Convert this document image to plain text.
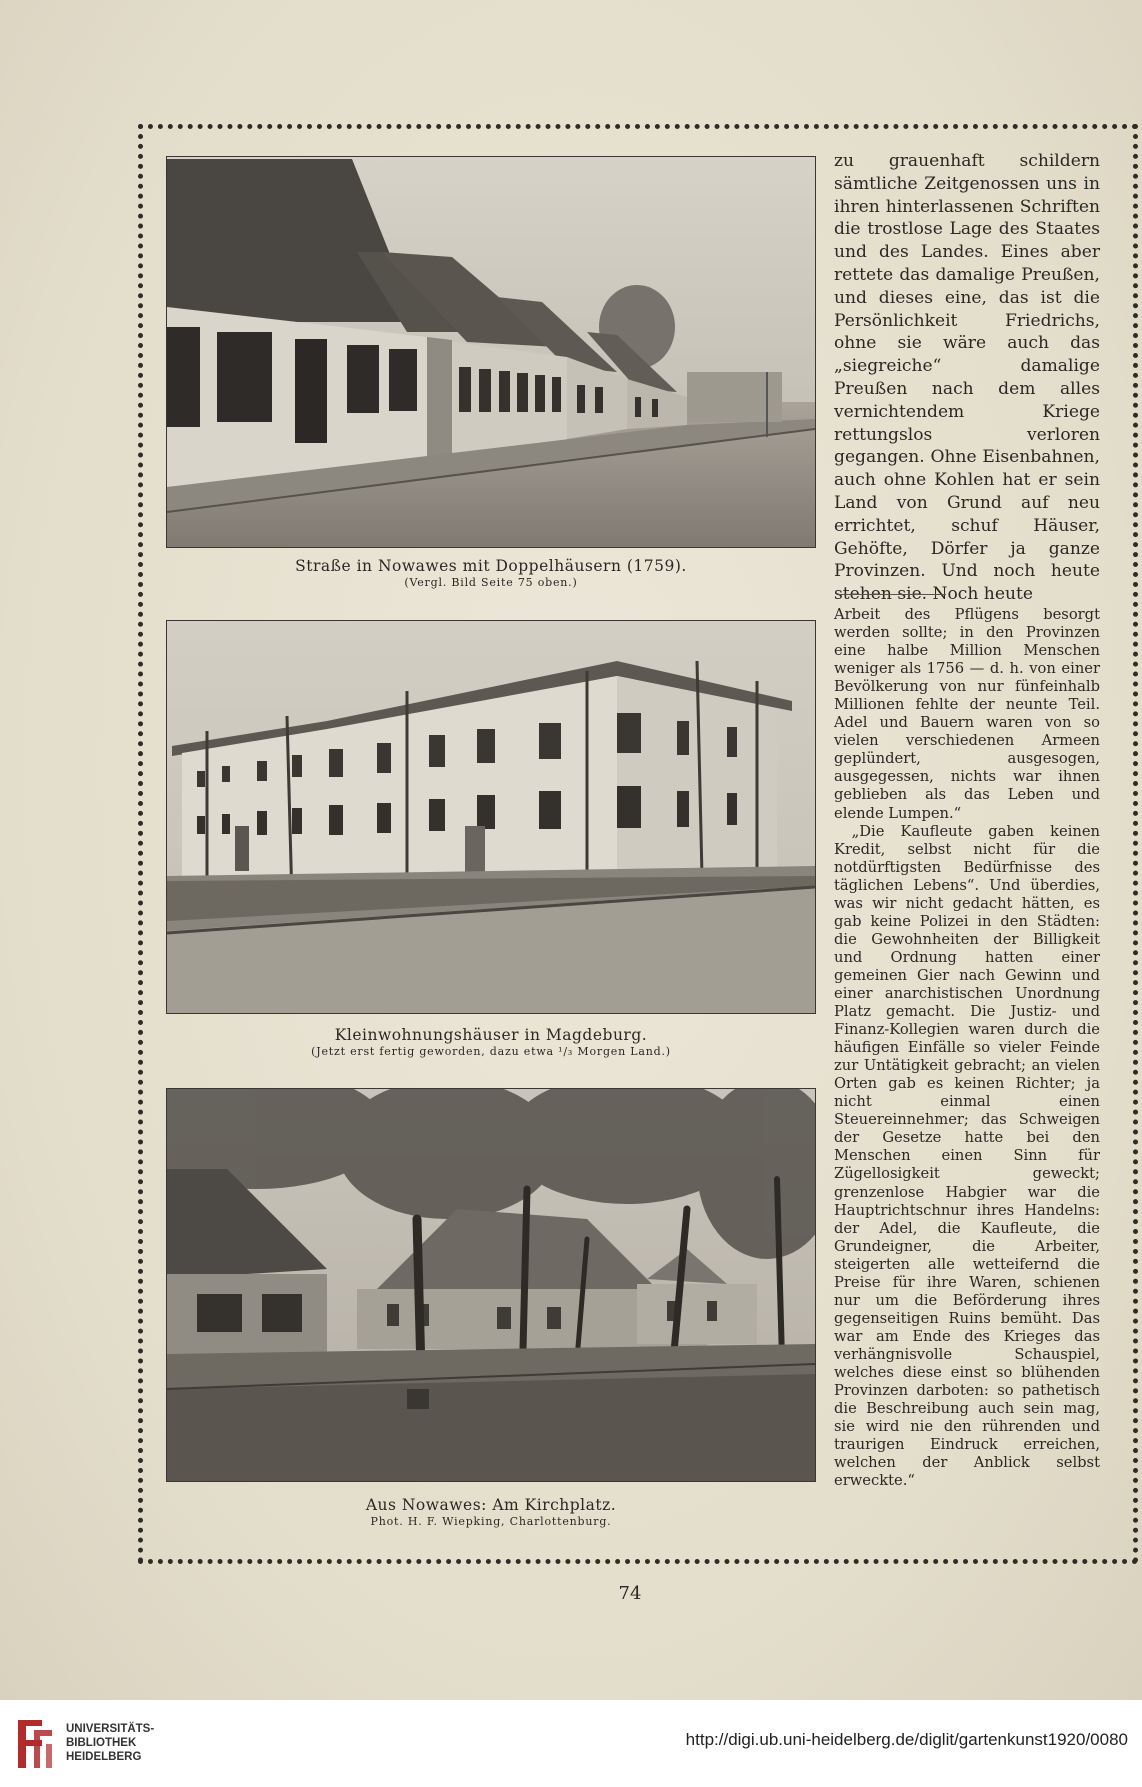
Straße in Nowawes mit Doppelhäusern (1759).
(Vergl. Bild Seite 75 oben.)
Kleinwohnungshäuser in Magdeburg.
(Jetzt erst fertig geworden, dazu etwa ¹/₃ Morgen Land.)
Aus Nowawes: Am Kirchplatz.
Phot. H. F. Wiepking, Charlottenburg.

zu grauenhaft schildern sämtliche Zeitgenossen uns in ihren hinterlassenen Schriften die trostlose Lage des Staates und des Landes. Eines aber rettete das damalige Preußen, und dieses eine, das ist die Persönlichkeit Friedrichs, ohne sie wäre auch das „siegreiche“ damalige Preußen nach dem alles vernichtendem Kriege rettungslos verloren gegangen. Ohne Eisenbahnen, auch ohne Kohlen hat er sein Land von Grund auf neu errichtet, schuf Häuser, Gehöfte, Dörfer ja ganze Provinzen. Und noch heute stehen sie. Noch heute

Arbeit des Pflügens besorgt werden sollte; in den Provinzen eine halbe Million Menschen weniger als 1756 — d. h. von einer Bevölkerung von nur fünfeinhalb Millionen fehlte der neunte Teil. Adel und Bauern waren von so vielen verschiedenen Armeen geplündert, ausgesogen, ausgegessen, nichts war ihnen geblieben als das Leben und elende Lumpen.“

„Die Kaufleute gaben keinen Kredit, selbst nicht für die notdürftigsten Bedürfnisse des täglichen Lebens“. Und überdies, was wir nicht gedacht hätten, es gab keine Polizei in den Städten: die Gewohnheiten der Billigkeit und Ordnung hatten einer gemeinen Gier nach Gewinn und einer anarchistischen Unordnung Platz gemacht. Die Justiz- und Finanz-Kollegien waren durch die häufigen Einfälle so vieler Feinde zur Untätigkeit gebracht; an vielen Orten gab es keinen Richter; ja nicht einmal einen Steuereinnehmer; das Schweigen der Gesetze hatte bei den Menschen einen Sinn für Zügellosigkeit geweckt; grenzenlose Habgier war die Hauptrichtschnur ihres Handelns: der Adel, die Kaufleute, die Grundeigner, die Arbeiter, steigerten alle wetteifernd die Preise für ihre Waren, schienen nur um die Beförderung ihres gegenseitigen Ruins bemüht. Das war am Ende des Krieges das verhängnisvolle Schauspiel, welches diese einst so blühenden Provinzen darboten: so pathetisch die Beschreibung auch sein mag, sie wird nie den rührenden und traurigen Eindruck erreichen, welchen der Anblick selbst erweckte.“

74
UNIVERSITÄTS-
BIBLIOTHEK
HEIDELBERG
http://digi.ub.uni-heidelberg.de/diglit/gartenkunst1920/0080
